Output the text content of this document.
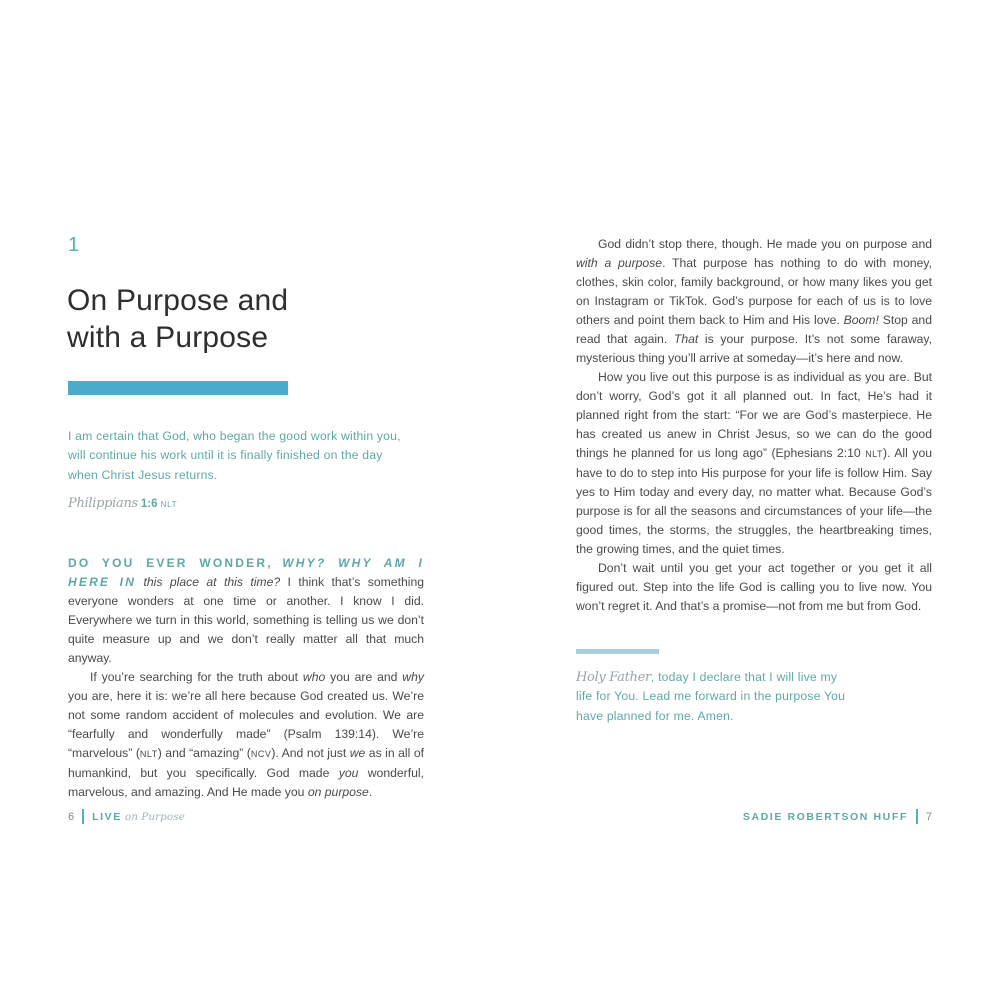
1
On Purpose and
with a Purpose
I am certain that God, who began the good work within you, will continue his work until it is finally finished on the day when Christ Jesus returns.
Philippians 1:6 NLT

DO YOU EVER WONDER, WHY? WHY AM I HERE IN this place at this time? I think that’s something everyone wonders at one time or another. I know I did. Everywhere we turn in this world, something is telling us we don’t quite measure up and we don’t really matter all that much anyway.

If you’re searching for the truth about who you are and why you are, here it is: we’re all here because God created us. We’re not some random accident of molecules and evolution. We are “fearfully and wonderfully made” (Psalm 139:14). We’re “marvelous” (NLT) and “amazing” (NCV). And not just we as in all of humankind, but you specifically. God made you wonderful, marvelous, and amazing. And He made you on purpose.

6 LIVE on Purpose

God didn’t stop there, though. He made you on purpose and with a purpose. That purpose has nothing to do with money, clothes, skin color, family background, or how many likes you get on Instagram or TikTok. God’s purpose for each of us is to love others and point them back to Him and His love. Boom! Stop and read that again. That is your purpose. It’s not some faraway, mysterious thing you’ll arrive at someday—it’s here and now.

How you live out this purpose is as individual as you are. But don’t worry, God’s got it all planned out. In fact, He’s had it planned right from the start: “For we are God’s masterpiece. He has created us anew in Christ Jesus, so we can do the good things he planned for us long ago” (Ephesians 2:10 NLT). All you have to do to step into His purpose for your life is follow Him. Say yes to Him today and every day, no matter what. Because God’s purpose is for all the seasons and circumstances of your life—the good times, the storms, the struggles, the heartbreaking times, the growing times, and the quiet times.

Don’t wait until you get your act together or you get it all figured out. Step into the life God is calling you to live now. You won’t regret it. And that’s a promise—not from me but from God.

Holy Father, today I declare that I will live my life for You. Lead me forward in the purpose You have planned for me. Amen.
SADIE ROBERTSON HUFF 7
